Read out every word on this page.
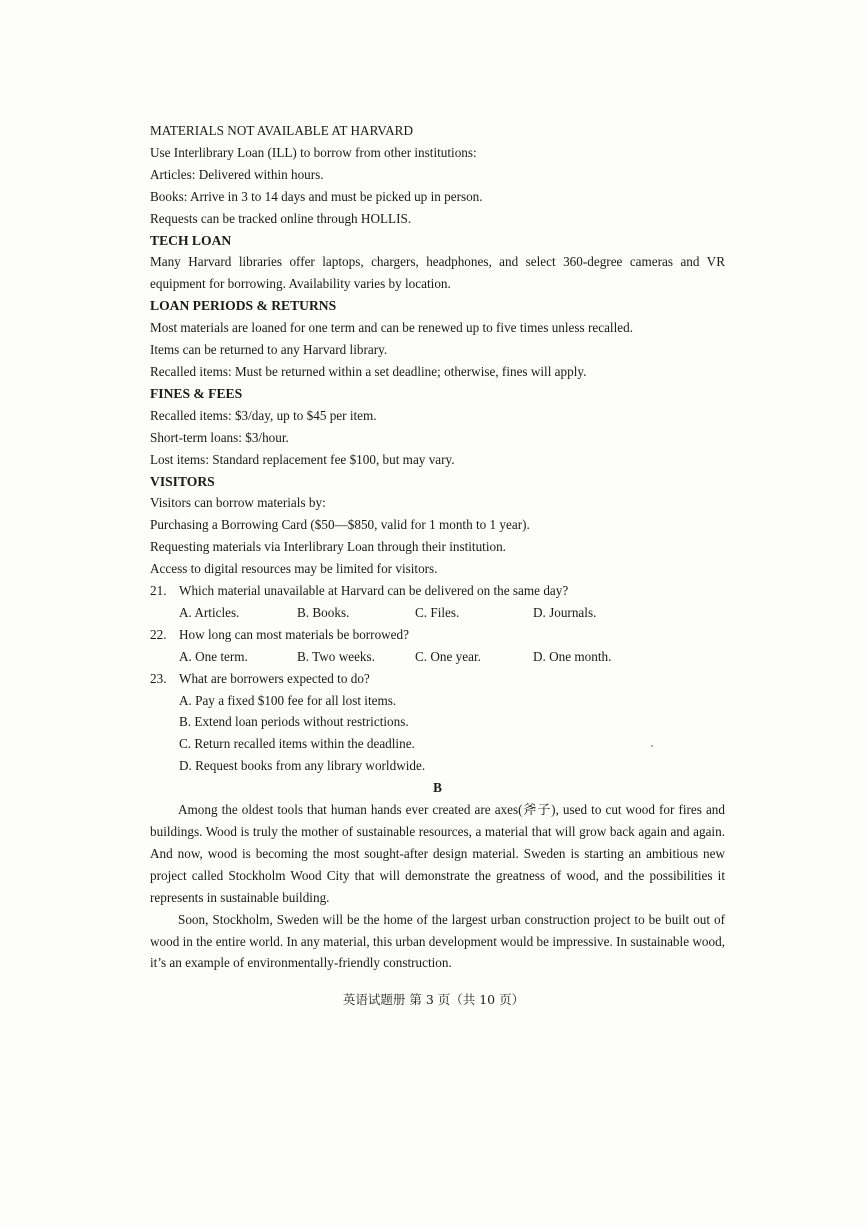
MATERIALS NOT AVAILABLE AT HARVARD
Use Interlibrary Loan (ILL) to borrow from other institutions:
Articles: Delivered within hours.
Books: Arrive in 3 to 14 days and must be picked up in person.
Requests can be tracked online through HOLLIS.
TECH LOAN

Many Harvard libraries offer laptops, chargers, headphones, and select 360-degree cameras and VR equipment for borrowing. Availability varies by location.

LOAN PERIODS & RETURNS
Most materials are loaned for one term and can be renewed up to five times unless recalled.
Items can be returned to any Harvard library.
Recalled items: Must be returned within a set deadline; otherwise, fines will apply.
FINES & FEES
Recalled items: $3/day, up to $45 per item.
Short-term loans: $3/hour.
Lost items: Standard replacement fee $100, but may vary.
VISITORS
Visitors can borrow materials by:
Purchasing a Borrowing Card ($50—$850, valid for 1 month to 1 year).
Requesting materials via Interlibrary Loan through their institution.
Access to digital resources may be limited for visitors.
21. Which material unavailable at Harvard can be delivered on the same day?
A. Articles.	B. Books.	C. Files.	D. Journals.
22. How long can most materials be borrowed?
A. One term.	B. Two weeks.	C. One year.	D. One month.
23. What are borrowers expected to do?
A. Pay a fixed $100 fee for all lost items.
B. Extend loan periods without restrictions.
C. Return recalled items within the deadline.
D. Request books from any library worldwide.
B

Among the oldest tools that human hands ever created are axes(斧子), used to cut wood for fires and buildings. Wood is truly the mother of sustainable resources, a material that will grow back again and again. And now, wood is becoming the most sought-after design material. Sweden is starting an ambitious new project called Stockholm Wood City that will demonstrate the greatness of wood, and the possibilities it represents in sustainable building.

Soon, Stockholm, Sweden will be the home of the largest urban construction project to be built out of wood in the entire world. In any material, this urban development would be impressive. In sustainable wood, it’s an example of environmentally-friendly construction.

英语试题册 第 3 页（共 10 页）
